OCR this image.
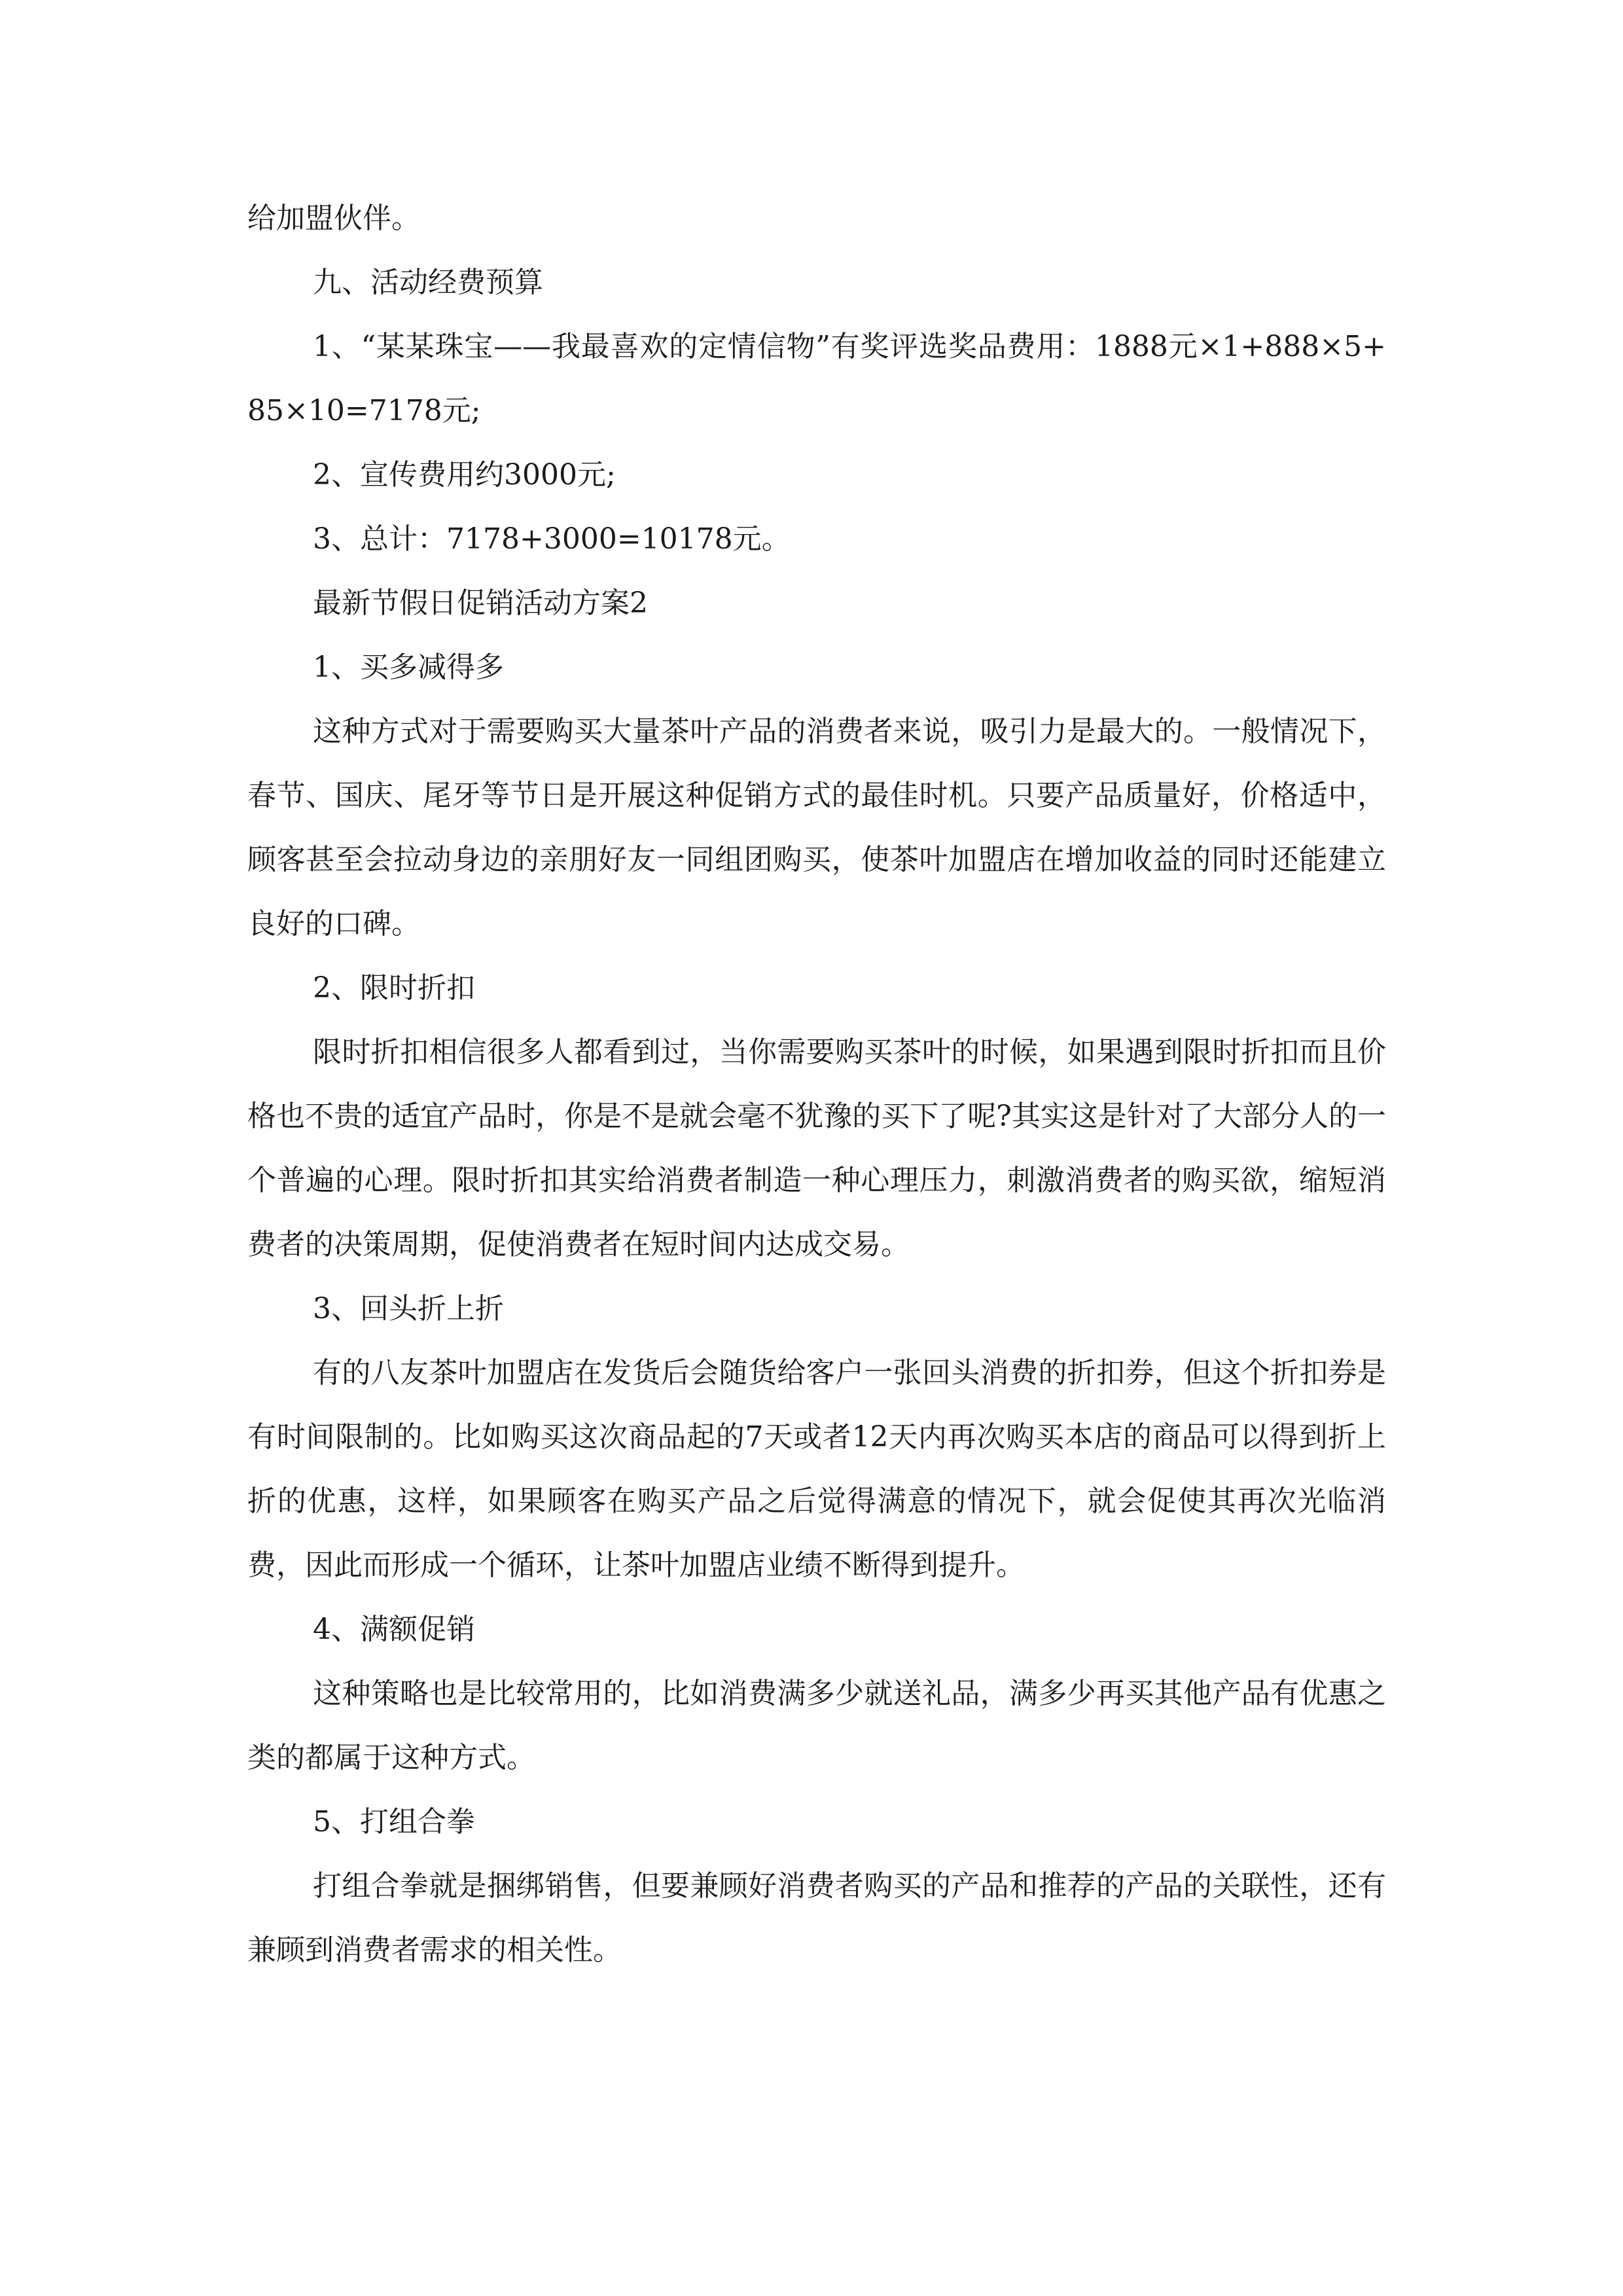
给加盟伙伴。

九、活动经费预算

1、“某某珠宝——我最喜欢的定情信物”有奖评选奖品费用：1888元×1+888×5+85×10=7178元;

2、宣传费用约3000元;

3、总计：7178+3000=10178元。

最新节假日促销活动方案2

1、买多减得多

这种方式对于需要购买大量茶叶产品的消费者来说，吸引力是最大的。一般情况下，春节、国庆、尾牙等节日是开展这种促销方式的最佳时机。只要产品质量好，价格适中，顾客甚至会拉动身边的亲朋好友一同组团购买，使茶叶加盟店在增加收益的同时还能建立良好的口碑。

2、限时折扣

限时折扣相信很多人都看到过，当你需要购买茶叶的时候，如果遇到限时折扣而且价格也不贵的适宜产品时，你是不是就会毫不犹豫的买下了呢?其实这是针对了大部分人的一个普遍的心理。限时折扣其实给消费者制造一种心理压力，刺激消费者的购买欲，缩短消费者的决策周期，促使消费者在短时间内达成交易。

3、回头折上折

有的八友茶叶加盟店在发货后会随货给客户一张回头消费的折扣券，但这个折扣券是有时间限制的。比如购买这次商品起的7天或者12天内再次购买本店的商品可以得到折上折的优惠，这样，如果顾客在购买产品之后觉得满意的情况下，就会促使其再次光临消费，因此而形成一个循环，让茶叶加盟店业绩不断得到提升。

4、满额促销

这种策略也是比较常用的，比如消费满多少就送礼品，满多少再买其他产品有优惠之类的都属于这种方式。

5、打组合拳

打组合拳就是捆绑销售，但要兼顾好消费者购买的产品和推荐的产品的关联性，还有兼顾到消费者需求的相关性。
